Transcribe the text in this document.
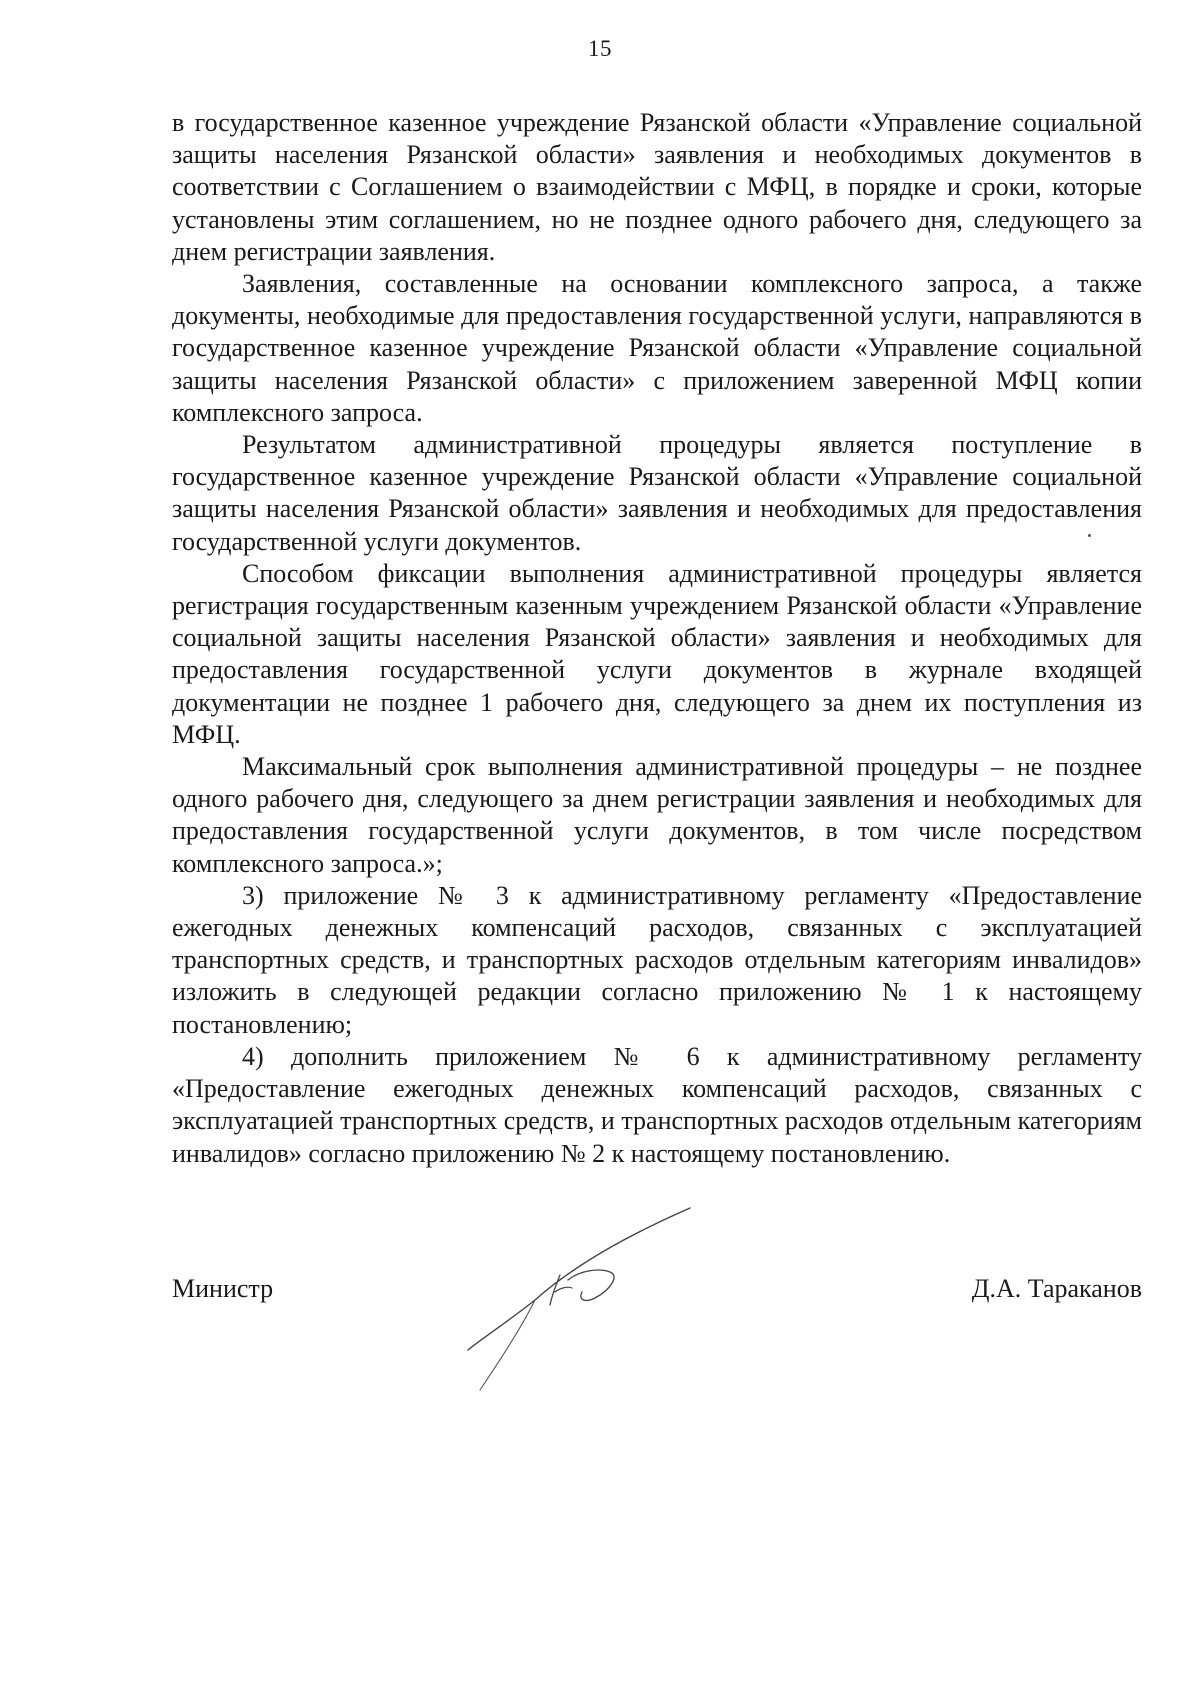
15

в государственное казенное учреждение Рязанской области «Управление социальной защиты населения Рязанской области» заявления и необходимых документов в соответствии с Соглашением о взаимодействии с МФЦ, в порядке и сроки, которые установлены этим соглашением, но не позднее одного рабочего дня, следующего за днем регистрации заявления.

Заявления, составленные на основании комплексного запроса, а также документы, необходимые для предоставления государственной услуги, направляются в государственное казенное учреждение Рязанской области «Управление социальной защиты населения Рязанской области» с приложением заверенной МФЦ копии комплексного запроса.

Результатом административной процедуры является поступление в государственное казенное учреждение Рязанской области «Управление социальной защиты населения Рязанской области» заявления и необходимых для предоставления государственной услуги документов.

Способом фиксации выполнения административной процедуры является регистрация государственным казенным учреждением Рязанской области «Управление социальной защиты населения Рязанской области» заявления и необходимых для предоставления государственной услуги документов в журнале входящей документации не позднее 1 рабочего дня, следующего за днем их поступления из МФЦ.

Максимальный срок выполнения административной процедуры – не позднее одного рабочего дня, следующего за днем регистрации заявления и необходимых для предоставления государственной услуги документов, в том числе посредством комплексного запроса.»;

3) приложение № 3 к административному регламенту «Предоставление ежегодных денежных компенсаций расходов, связанных с эксплуатацией транспортных средств, и транспортных расходов отдельным категориям инвалидов» изложить в следующей редакции согласно приложению № 1 к настоящему постановлению;

4) дополнить приложением № 6 к административному регламенту «Предоставление ежегодных денежных компенсаций расходов, связанных с эксплуатацией транспортных средств, и транспортных расходов отдельным категориям инвалидов» согласно приложению № 2 к настоящему постановлению.

Министр	Д.А. Тараканов
